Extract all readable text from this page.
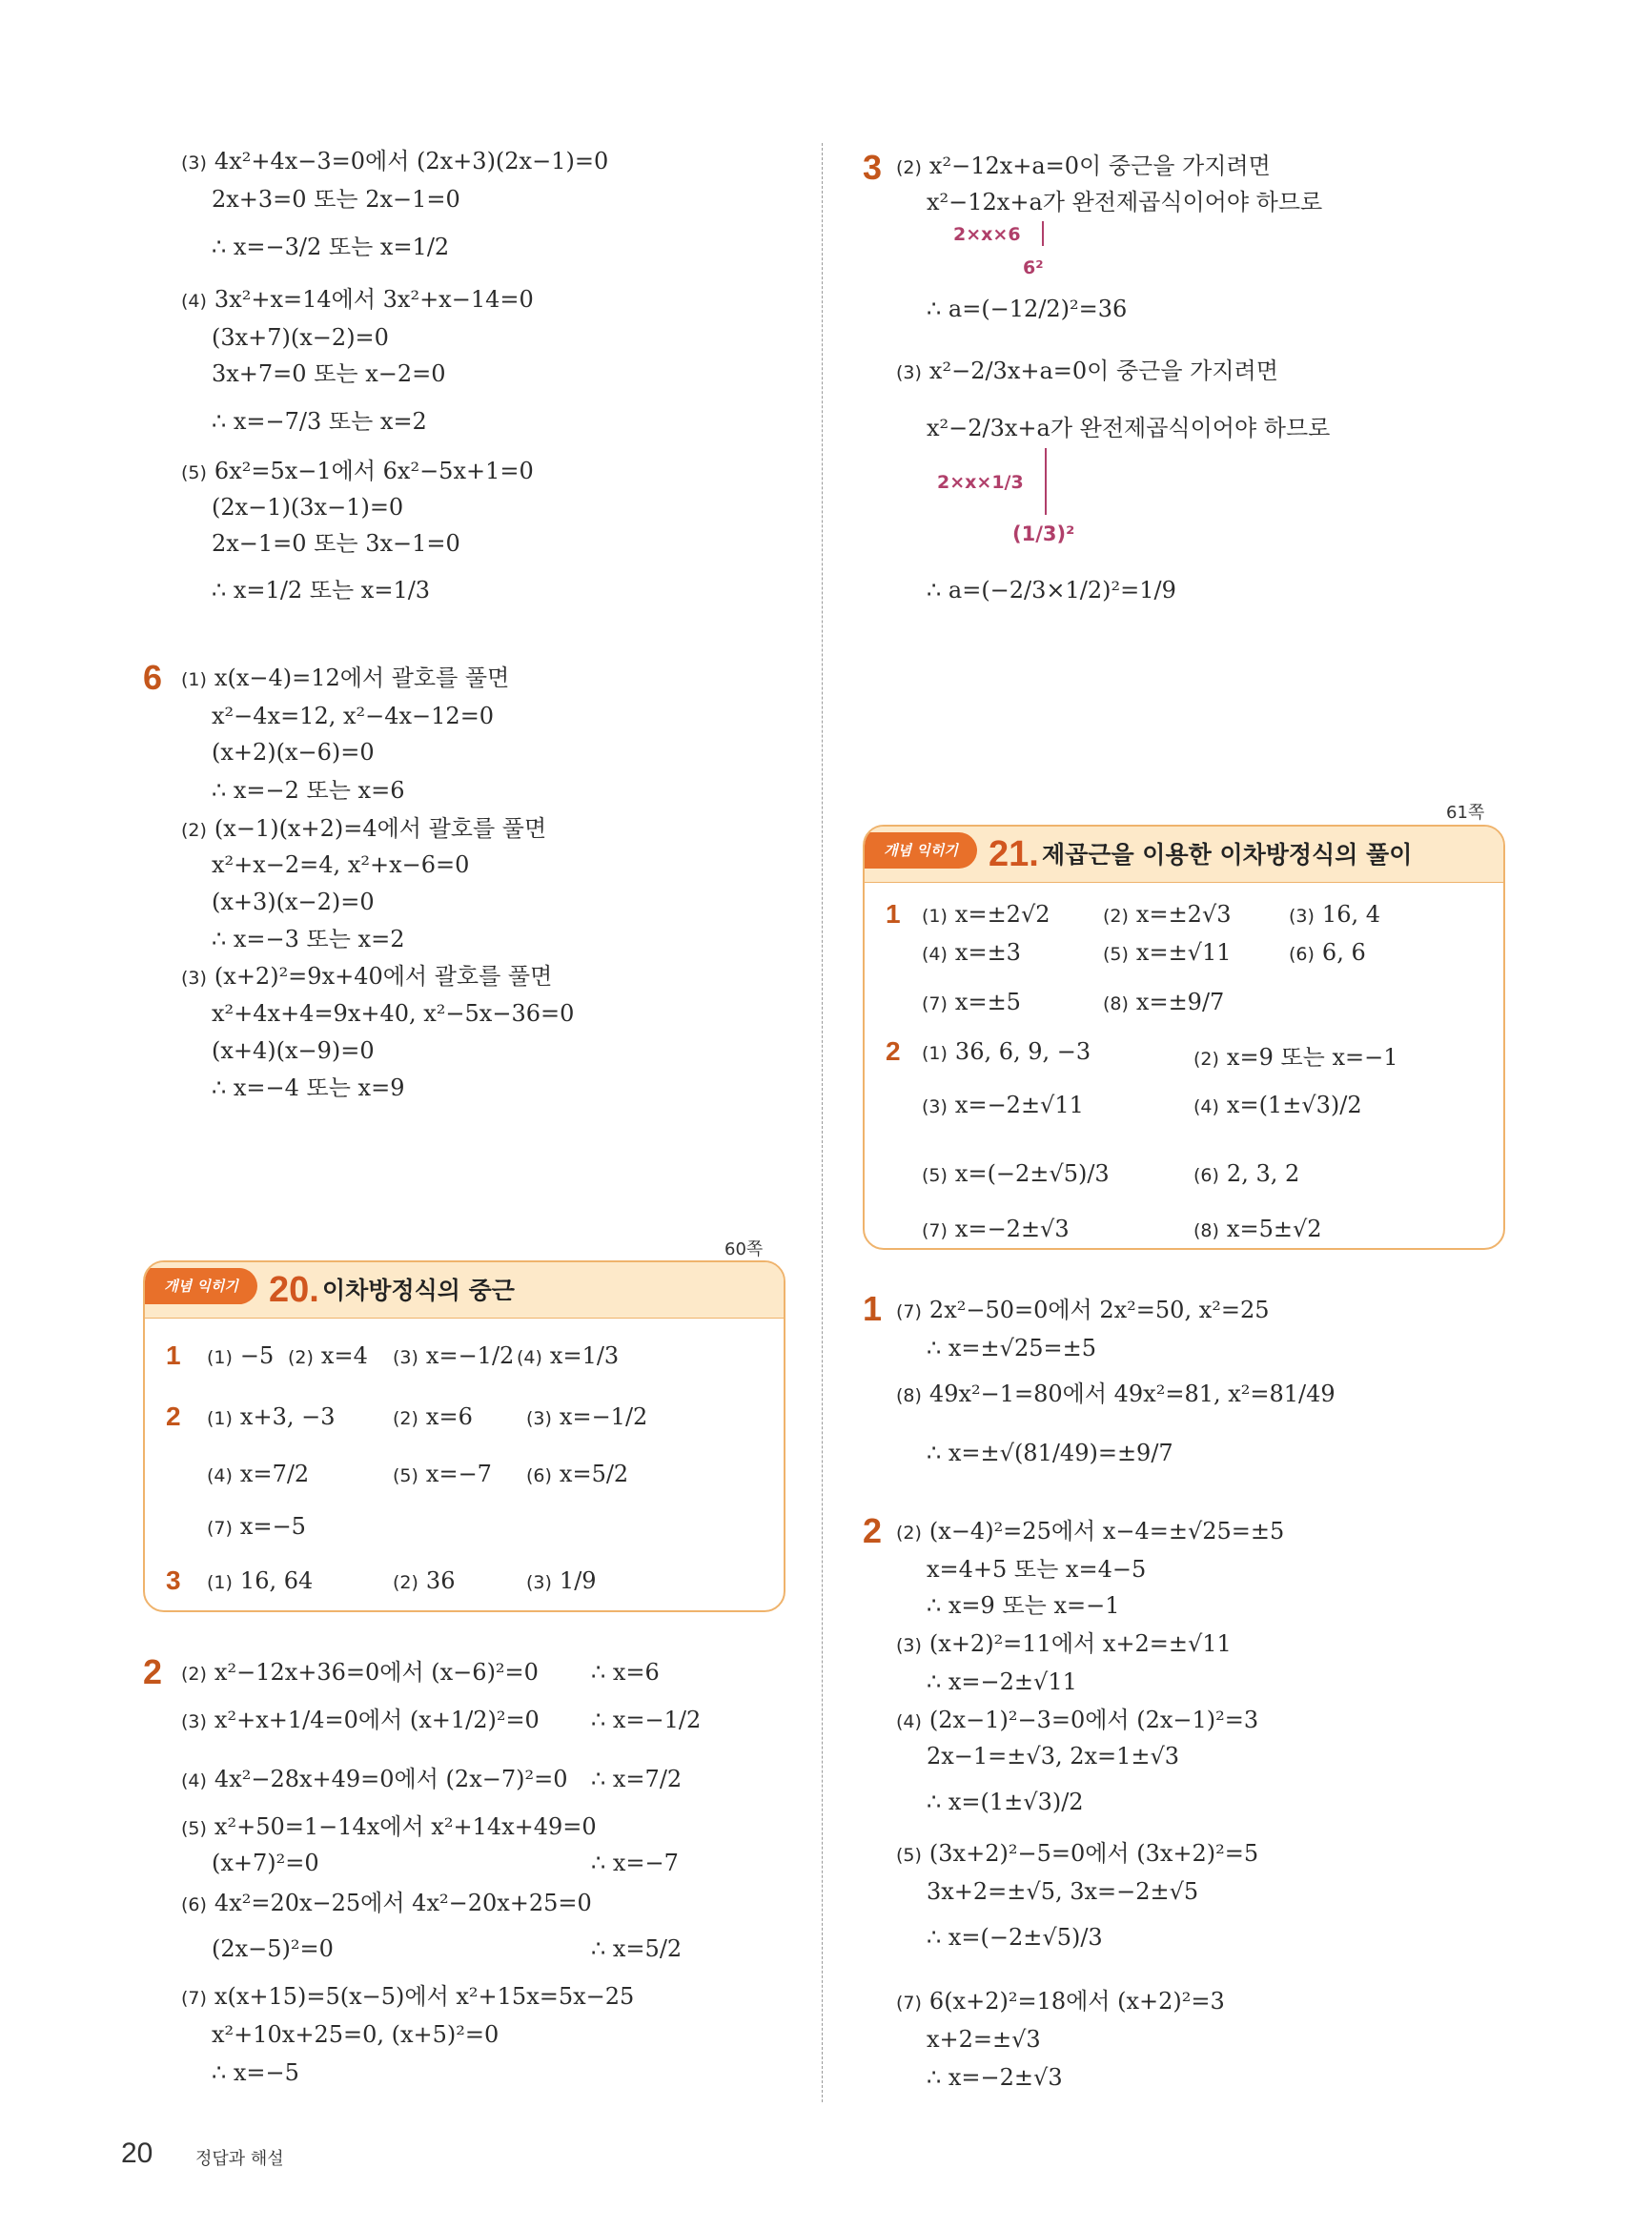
(3) 4x²+4x−3=0에서 (2x+3)(2x−1)=0
2x+3=0 또는 2x−1=0
∴ x=−3/2 또는 x=1/2
(4) 3x²+x=14에서 3x²+x−14=0
(3x+7)(x−2)=0
3x+7=0 또는 x−2=0
∴ x=−7/3 또는 x=2
(5) 6x²=5x−1에서 6x²−5x+1=0
(2x−1)(3x−1)=0
2x−1=0 또는 3x−1=0
∴ x=1/2 또는 x=1/3
6 (1) x(x−4)=12에서 괄호를 풀면
x²−4x=12, x²−4x−12=0
(x+2)(x−6)=0
∴ x=−2 또는 x=6
(2) (x−1)(x+2)=4에서 괄호를 풀면
x²+x−2=4, x²+x−6=0
(x+3)(x−2)=0
∴ x=−3 또는 x=2
(3) (x+2)²=9x+40에서 괄호를 풀면
x²+4x+4=9x+40, x²−5x−36=0
(x+4)(x−9)=0
∴ x=−4 또는 x=9
60쪽
개념 익히기 20. 이차방정식의 중근
1 (1) −5 (2) x=4 (3) x=−1/2 (4) x=1/3
2 (1) x+3, −3	(2) x=6	(3) x=−1/2
(4) x=7/2	(5) x=−7 (6) x=5/2
(7) x=−5
3 (1) 16, 64	(2) 36	(3) 1/9
2 (2) x²−12x+36=0에서 (x−6)²=0 ∴ x=6
(3) x²+x+1/4=0에서 (x+1/2)²=0 ∴ x=−1/2
(4) 4x²−28x+49=0에서 (2x−7)²=0 ∴ x=7/2
(5) x²+50=1−14x에서 x²+14x+49=0
(x+7)²=0	∴ x=−7
(6) 4x²=20x−25에서 4x²−20x+25=0
(2x−5)²=0	∴ x=5/2
(7) x(x+15)=5(x−5)에서 x²+15x=5x−25
x²+10x+25=0, (x+5)²=0
∴ x=−5
3 (2) x²−12x+a=0이 중근을 가지려면
x²−12x+a가 완전제곱식이어야 하므로
∴ a=(−12/2)²=36
(3) x²−2/3x+a=0이 중근을 가지려면
x²−2/3x+a가 완전제곱식이어야 하므로
∴ a=(−2/3×1/2)²=1/9
2×x×6
6²
2×x×1/3
(1/3)²
61쪽
개념 익히기 21. 제곱근을 이용한 이차방정식의 풀이
1 (1) x=±2√2	(2) x=±2√3	(3) 16, 4
(4) x=±3	(5) x=±√11	(6) 6, 6
(7) x=±5	(8) x=±9/7
2 (1) 36, 6, 9, −3	(2) x=9 또는 x=−1
(3) x=−2±√11	(4) x=(1±√3)/2
(5) x=(−2±√5)/3	(6) 2, 3, 2
(7) x=−2±√3	(8) x=5±√2
1 (7) 2x²−50=0에서 2x²=50, x²=25
∴ x=±√25=±5
(8) 49x²−1=80에서 49x²=81, x²=81/49
∴ x=±√(81/49)=±9/7
2 (2) (x−4)²=25에서 x−4=±√25=±5
x=4+5 또는 x=4−5
∴ x=9 또는 x=−1
(3) (x+2)²=11에서 x+2=±√11
∴ x=−2±√11
(4) (2x−1)²−3=0에서 (2x−1)²=3
2x−1=±√3, 2x=1±√3
∴ x=(1±√3)/2
(5) (3x+2)²−5=0에서 (3x+2)²=5
3x+2=±√5, 3x=−2±√5
∴ x=(−2±√5)/3
(7) 6(x+2)²=18에서 (x+2)²=3
x+2=±√3
∴ x=−2±√3
20 정답과 해설
